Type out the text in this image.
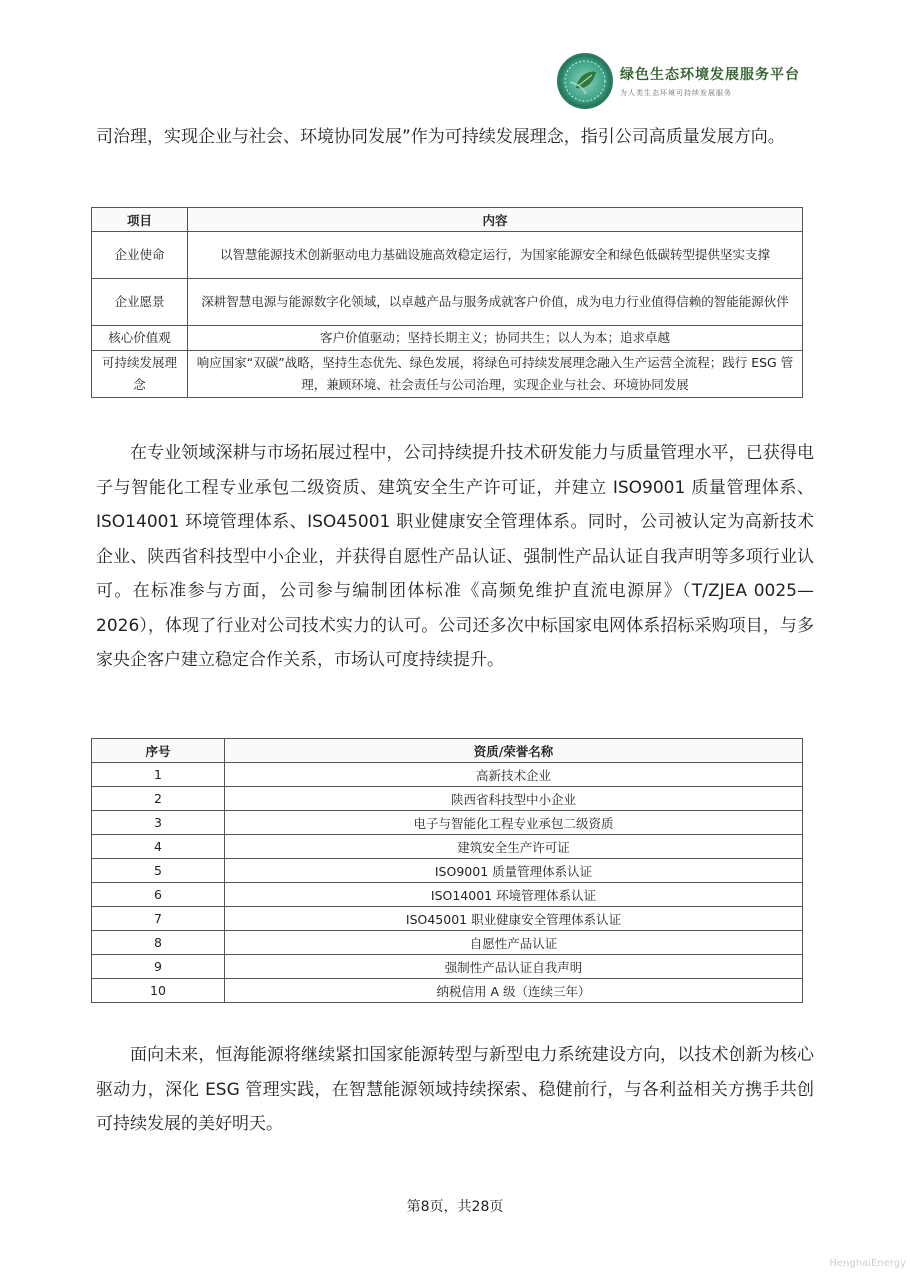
绿色生态环境发展服务平台
为人类生态环境可持续发展服务

司治理，实现企业与社会、环境协同发展”作为可持续发展理念，指引公司高质量发展方向。

项目	内容
企业使命	以智慧能源技术创新驱动电力基础设施高效稳定运行，为国家能源安全和绿色低碳转型提供坚实支撑
企业愿景	深耕智慧电源与能源数字化领域，以卓越产品与服务成就客户价值，成为电力行业值得信赖的智能能源伙伴
核心价值观	客户价值驱动；坚持长期主义；协同共生；以人为本；追求卓越
可持续发展理念	响应国家“双碳”战略，坚持生态优先、绿色发展，将绿色可持续发展理念融入生产运营全流程；践行 ESG 管理，兼顾环境、社会责任与公司治理，实现企业与社会、环境协同发展

在专业领域深耕与市场拓展过程中，公司持续提升技术研发能力与质量管理水平，已获得电子与智能化工程专业承包二级资质、建筑安全生产许可证，并建立 ISO9001 质量管理体系、ISO14001 环境管理体系、ISO45001 职业健康安全管理体系。同时，公司被认定为高新技术企业、陕西省科技型中小企业，并获得自愿性产品认证、强制性产品认证自我声明等多项行业认可。在标准参与方面，公司参与编制团体标准《高频免维护直流电源屏》（T/ZJEA 0025—2026），体现了行业对公司技术实力的认可。公司还多次中标国家电网体系招标采购项目，与多家央企客户建立稳定合作关系，市场认可度持续提升。

序号	资质/荣誉名称
1	高新技术企业
2	陕西省科技型中小企业
3	电子与智能化工程专业承包二级资质
4	建筑安全生产许可证
5	ISO9001 质量管理体系认证
6	ISO14001 环境管理体系认证
7	ISO45001 职业健康安全管理体系认证
8	自愿性产品认证
9	强制性产品认证自我声明
10	纳税信用 A 级（连续三年）

面向未来，恒海能源将继续紧扣国家能源转型与新型电力系统建设方向，以技术创新为核心驱动力，深化 ESG 管理实践，在智慧能源领域持续探索、稳健前行，与各利益相关方携手共创可持续发展的美好明天。

第8页，共28页
HenghaiEnergy
